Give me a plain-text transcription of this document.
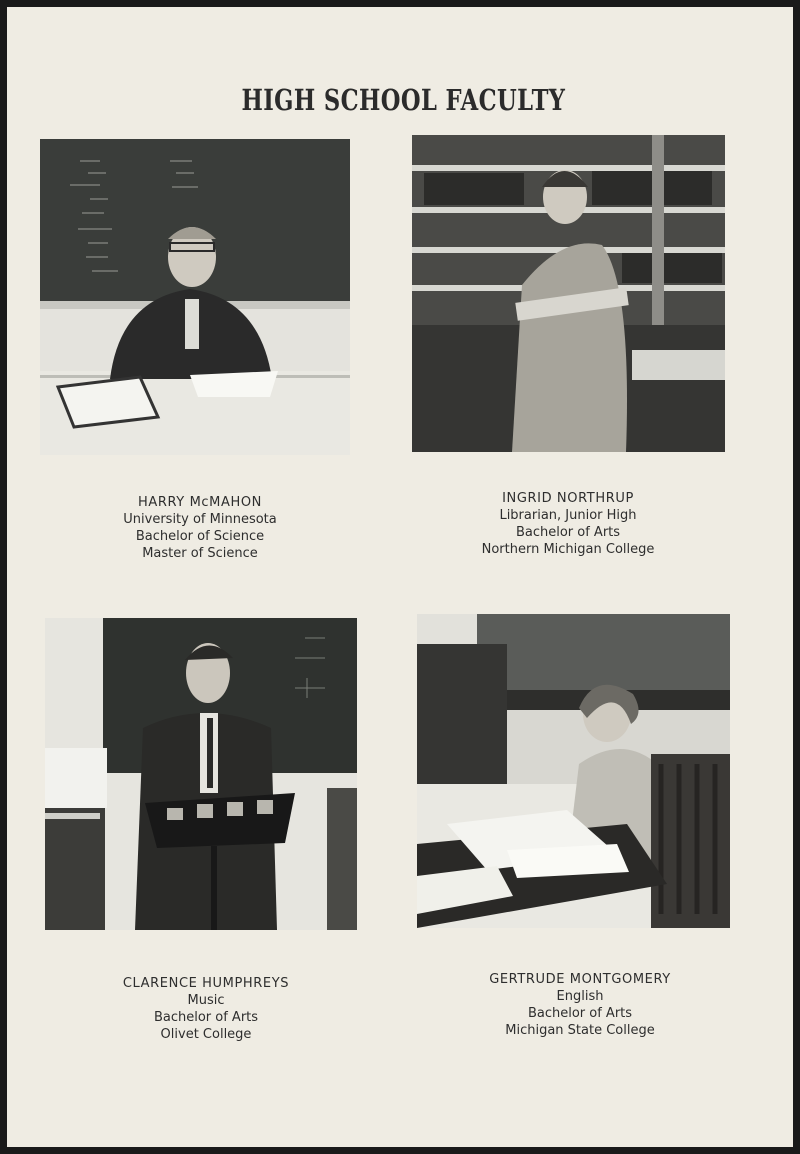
HIGH SCHOOL FACULTY
HARRY McMAHON
University of Minnesota
Bachelor of Science
Master of Science
INGRID NORTHRUP
Librarian, Junior High
Bachelor of Arts
Northern Michigan College
CLARENCE HUMPHREYS
Music
Bachelor of Arts
Olivet College
GERTRUDE MONTGOMERY
English
Bachelor of Arts
Michigan State College
